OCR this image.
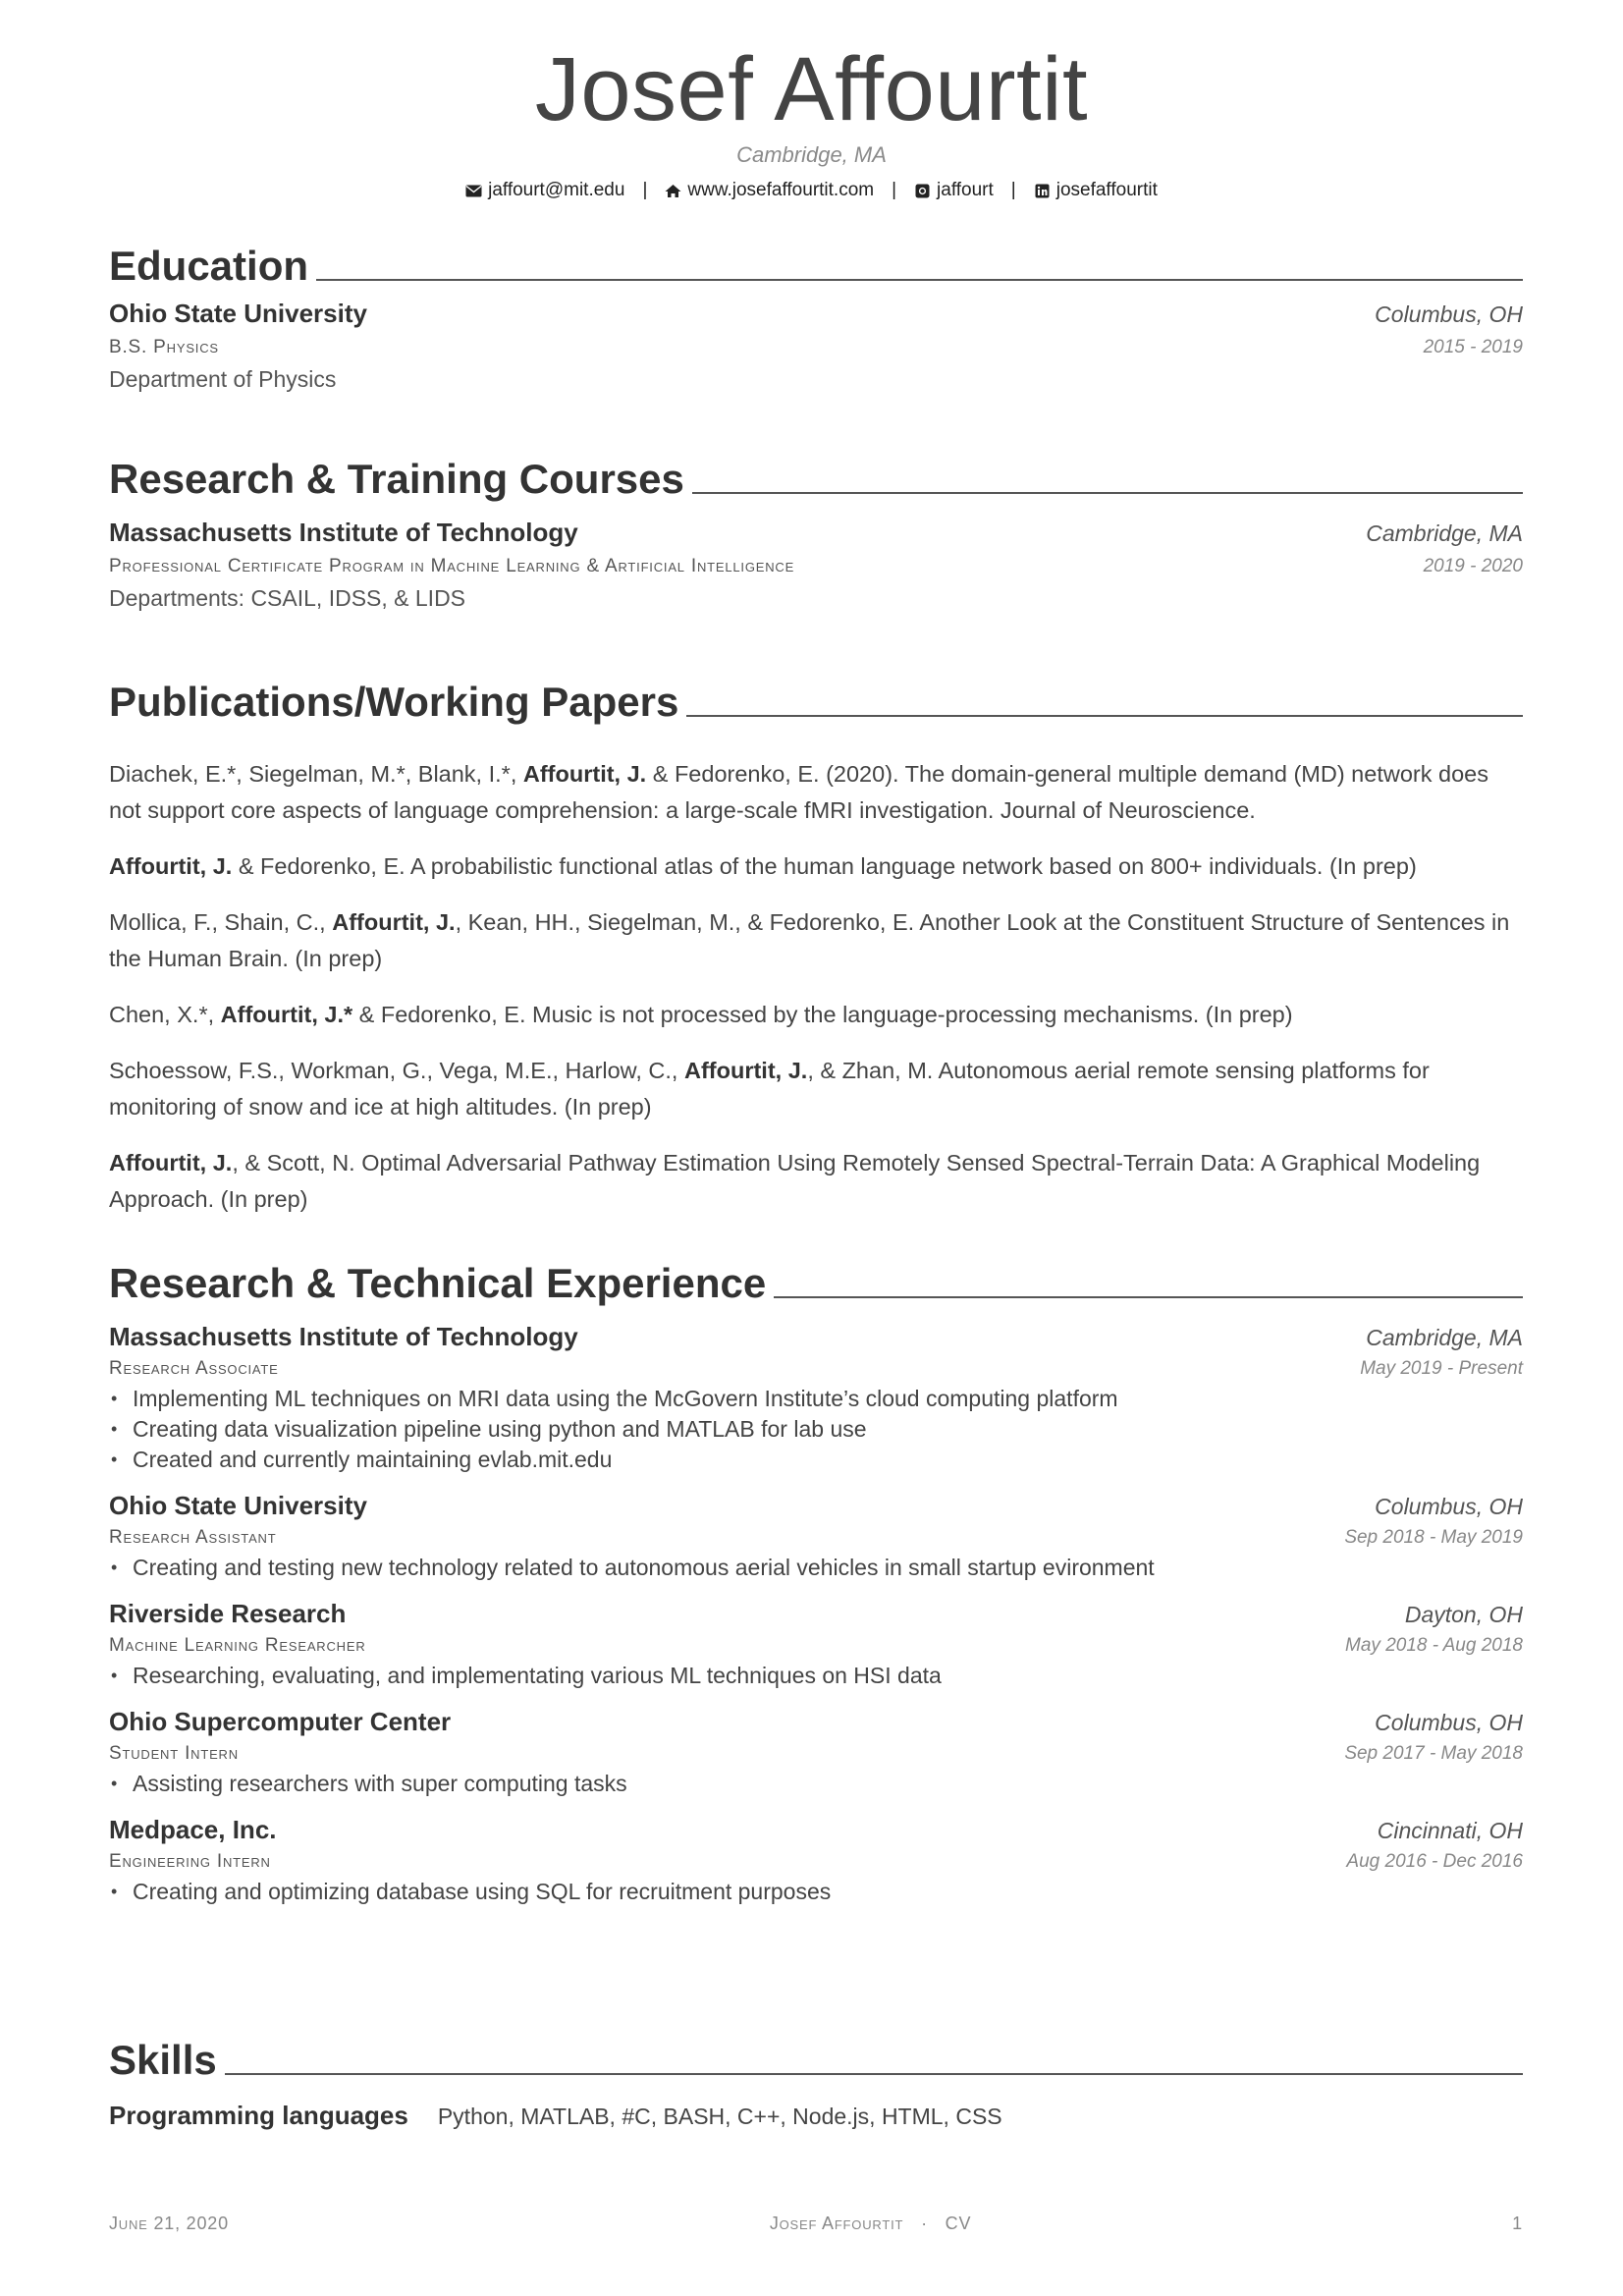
Josef Affourtit
Cambridge, MA
jaffourt@mit.edu | www.josefaffourtit.com | jaffourt | josefaffourtit
Education
Ohio State University	Columbus, OH
B.S. Physics	2015 - 2019
Department of Physics
Research & Training Courses
Massachusetts Institute of Technology	Cambridge, MA
Professional Certificate Program in Machine Learning & Artificial Intelligence	2019 - 2020
Departments: CSAIL, IDSS, & LIDS
Publications/Working Papers
Diachek, E.*, Siegelman, M.*, Blank, I.*, Affourtit, J. & Fedorenko, E. (2020). The domain-general multiple demand (MD) network does not support core aspects of language comprehension: a large-scale fMRI investigation. Journal of Neuroscience.
Affourtit, J. & Fedorenko, E. A probabilistic functional atlas of the human language network based on 800+ individuals. (In prep)
Mollica, F., Shain, C., Affourtit, J., Kean, HH., Siegelman, M., & Fedorenko, E. Another Look at the Constituent Structure of Sentences in the Human Brain. (In prep)
Chen, X.*, Affourtit, J.* & Fedorenko, E. Music is not processed by the language-processing mechanisms. (In prep)
Schoessow, F.S., Workman, G., Vega, M.E., Harlow, C., Affourtit, J., & Zhan, M. Autonomous aerial remote sensing platforms for monitoring of snow and ice at high altitudes. (In prep)
Affourtit, J., & Scott, N. Optimal Adversarial Pathway Estimation Using Remotely Sensed Spectral-Terrain Data: A Graphical Modeling Approach. (In prep)
Research & Technical Experience
Massachusetts Institute of Technology	Cambridge, MA
Research Associate	May 2019 - Present
• Implementing ML techniques on MRI data using the McGovern Institute’s cloud computing platform
• Creating data visualization pipeline using python and MATLAB for lab use
• Created and currently maintaining evlab.mit.edu
Ohio State University	Columbus, OH
Research Assistant	Sep 2018 - May 2019
• Creating and testing new technology related to autonomous aerial vehicles in small startup evironment
Riverside Research	Dayton, OH
Machine Learning Researcher	May 2018 - Aug 2018
• Researching, evaluating, and implementating various ML techniques on HSI data
Ohio Supercomputer Center	Columbus, OH
Student Intern	Sep 2017 - May 2018
• Assisting researchers with super computing tasks
Medpace, Inc.	Cincinnati, OH
Engineering Intern	Aug 2016 - Dec 2016
• Creating and optimizing database using SQL for recruitment purposes
Skills
Programming languages Python, MATLAB, #C, BASH, C++, Node.js, HTML, CSS
June 21, 2020	Josef Affourtit · CV	1
